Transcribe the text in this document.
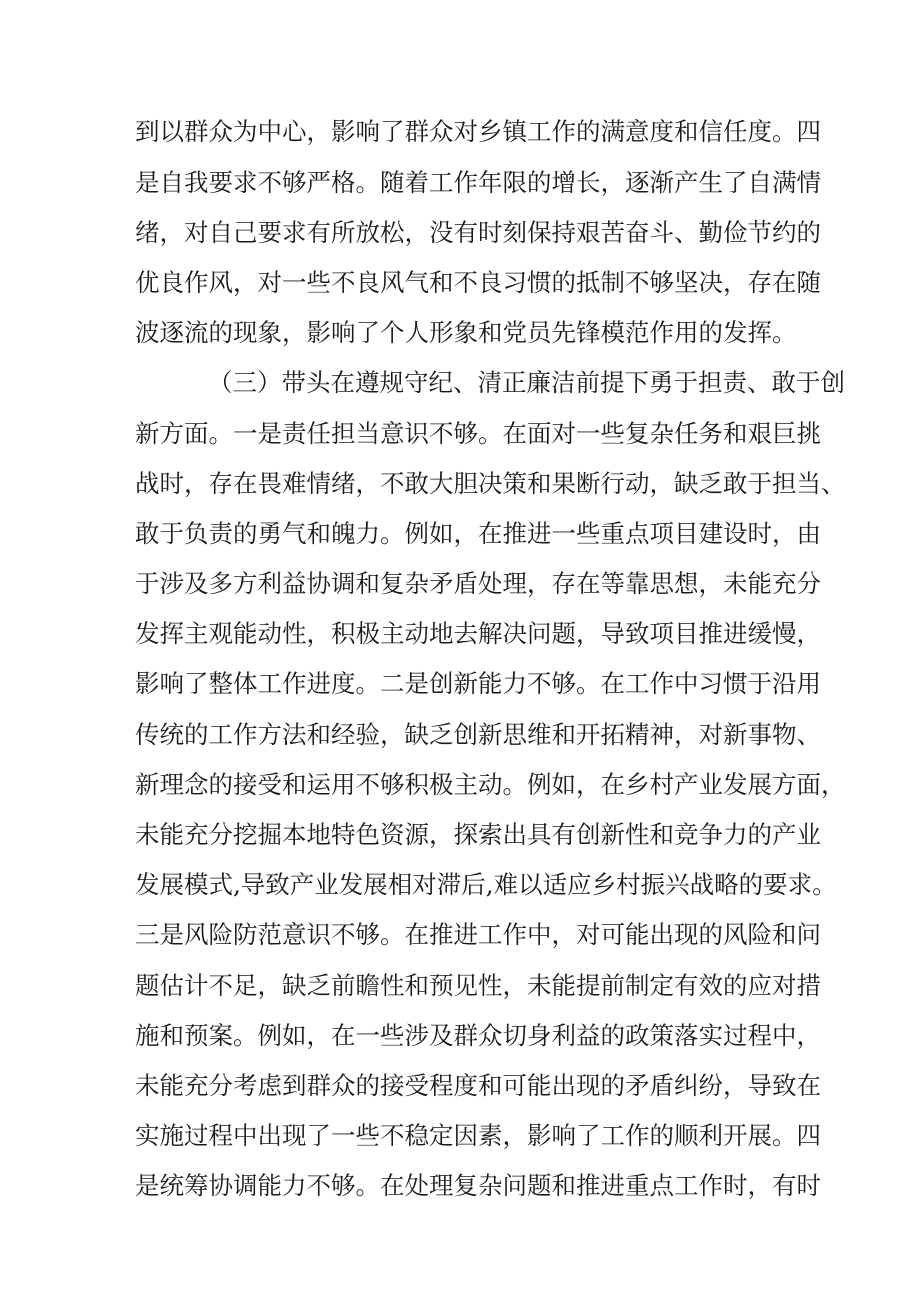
到以群众为中心，影响了群众对乡镇工作的满意度和信任度。四
是自我要求不够严格。随着工作年限的增长，逐渐产生了自满情
绪，对自己要求有所放松，没有时刻保持艰苦奋斗、勤俭节约的
优良作风，对一些不良风气和不良习惯的抵制不够坚决，存在随
波逐流的现象，影响了个人形象和党员先锋模范作用的发挥。
（三）带头在遵规守纪、清正廉洁前提下勇于担责、敢于创
新方面。一是责任担当意识不够。在面对一些复杂任务和艰巨挑
战时，存在畏难情绪，不敢大胆决策和果断行动，缺乏敢于担当、
敢于负责的勇气和魄力。例如，在推进一些重点项目建设时，由
于涉及多方利益协调和复杂矛盾处理，存在等靠思想，未能充分
发挥主观能动性，积极主动地去解决问题，导致项目推进缓慢，
影响了整体工作进度。二是创新能力不够。在工作中习惯于沿用
传统的工作方法和经验，缺乏创新思维和开拓精神，对新事物、
新理念的接受和运用不够积极主动。例如，在乡村产业发展方面，
未能充分挖掘本地特色资源，探索出具有创新性和竞争力的产业
发展模式,导致产业发展相对滞后,难以适应乡村振兴战略的要求。
三是风险防范意识不够。在推进工作中，对可能出现的风险和问
题估计不足，缺乏前瞻性和预见性，未能提前制定有效的应对措
施和预案。例如，在一些涉及群众切身利益的政策落实过程中，
未能充分考虑到群众的接受程度和可能出现的矛盾纠纷，导致在
实施过程中出现了一些不稳定因素，影响了工作的顺利开展。四
是统筹协调能力不够。在处理复杂问题和推进重点工作时，有时
